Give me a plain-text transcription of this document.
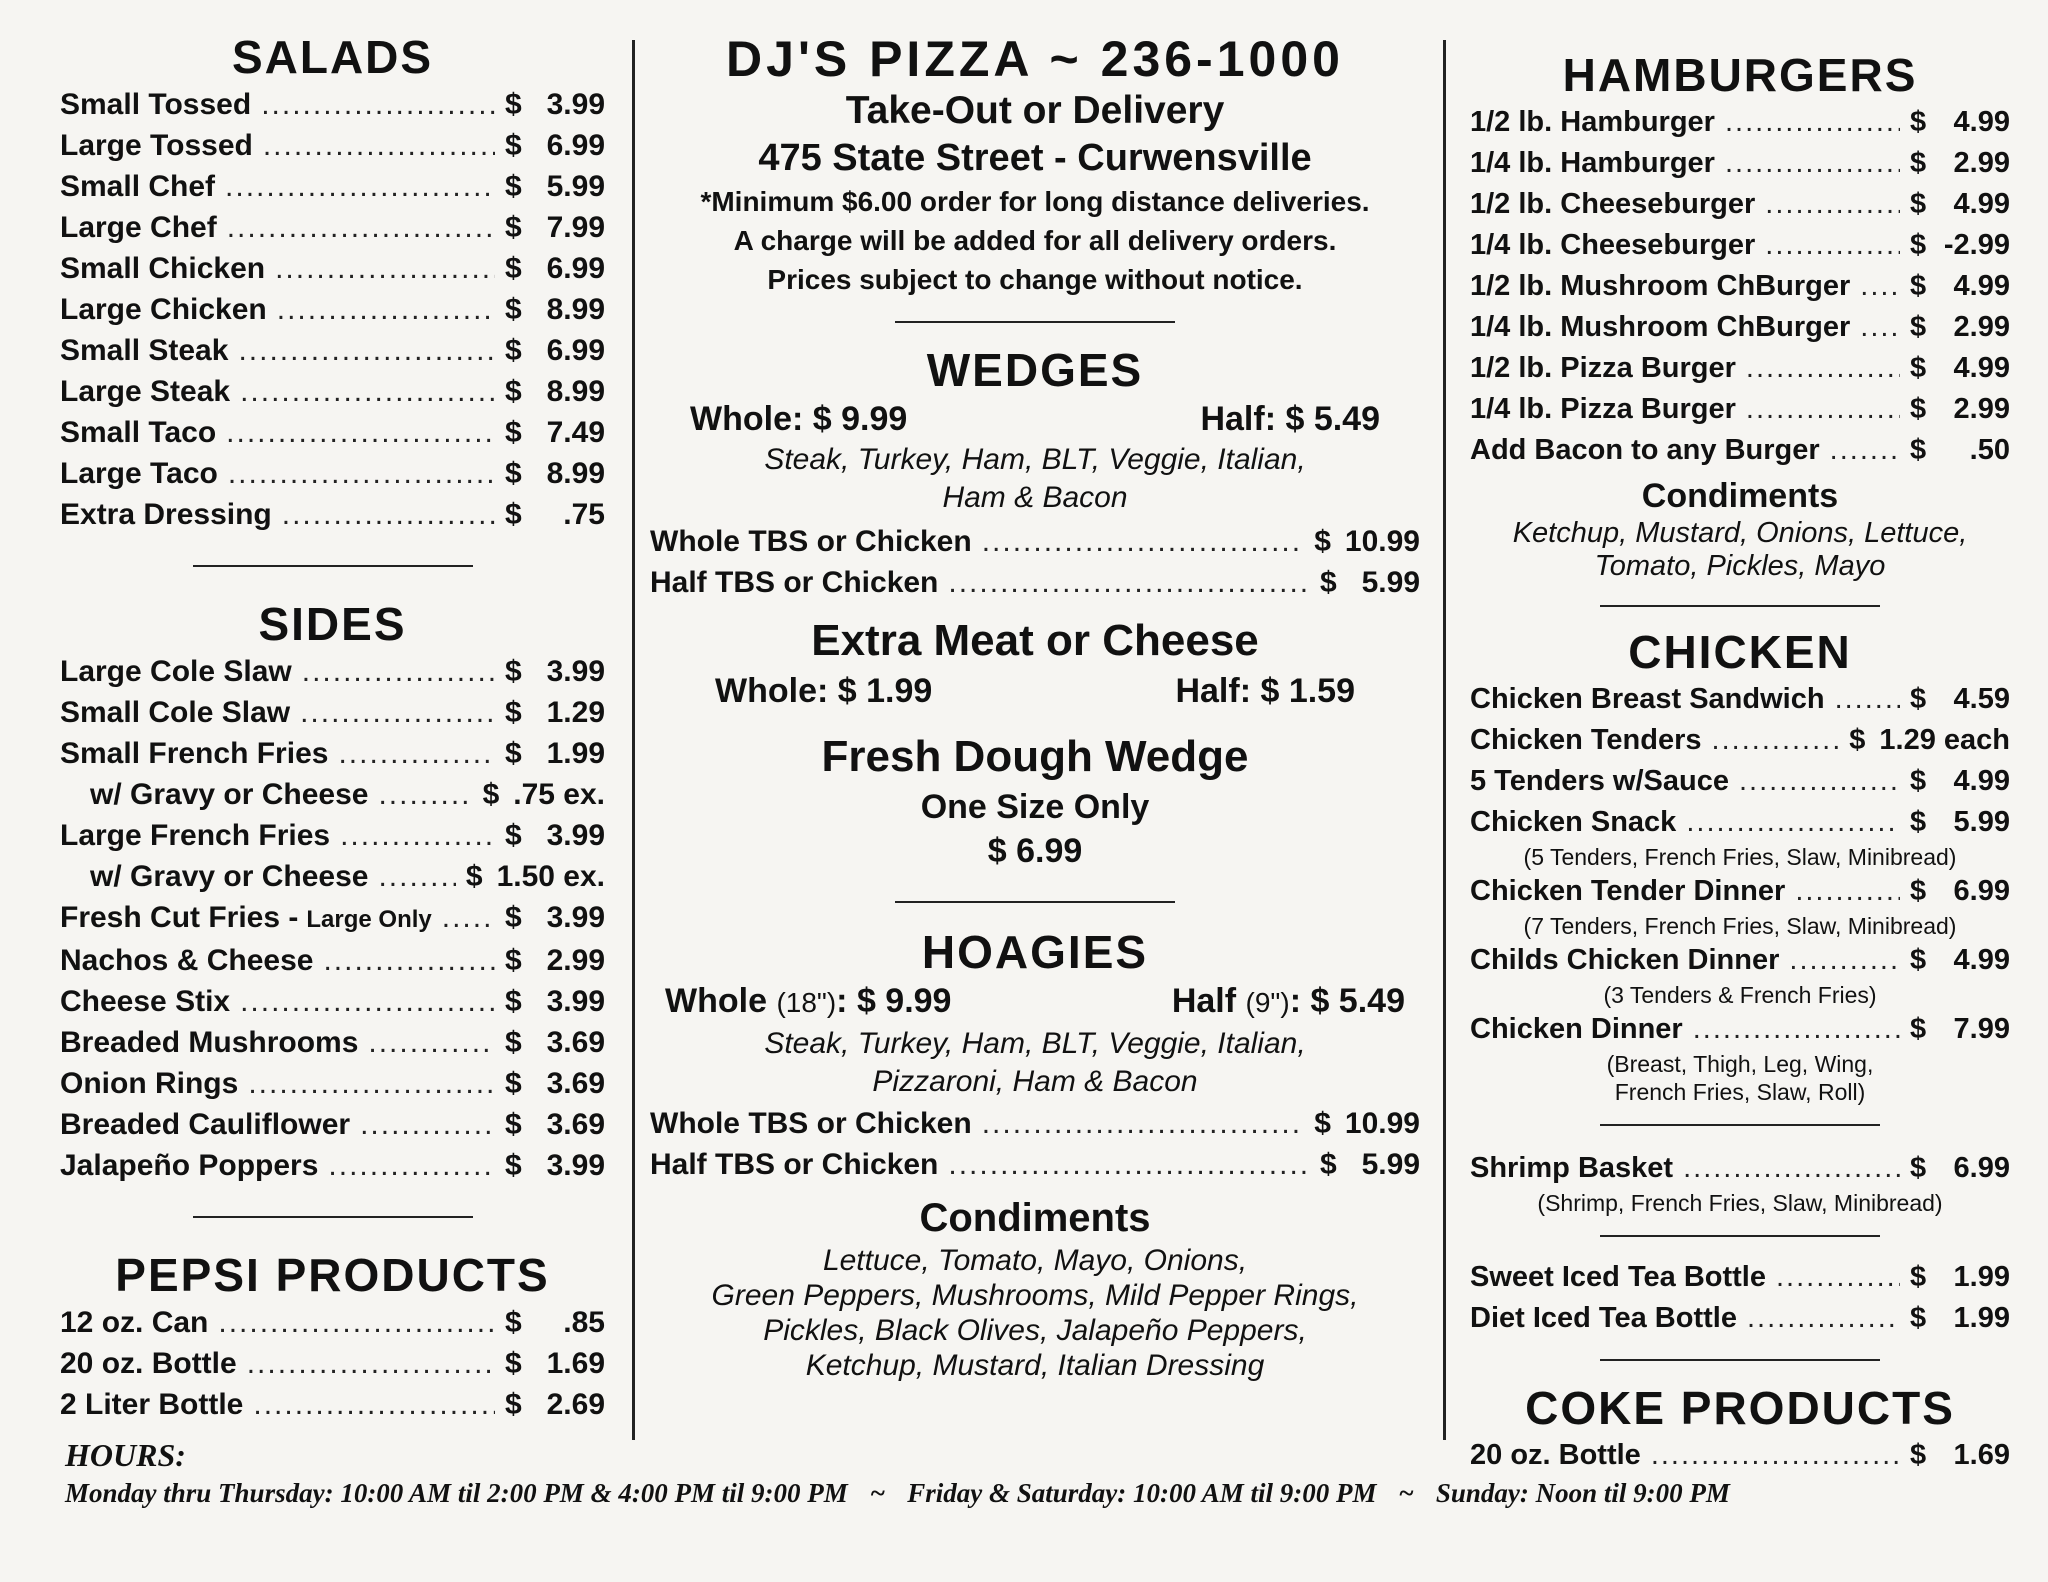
SALADS
Small Tossed .....	$ 3.99
Large Tossed .....	$ 6.99
Small Chef .....	$ 5.99
Large Chef .....	$ 7.99
Small Chicken .....	$ 6.99
Large Chicken .....	$ 8.99
Small Steak .....	$ 6.99
Large Steak .....	$ 8.99
Small Taco .....	$ 7.49
Large Taco .....	$ 8.99
Extra Dressing .....	$	.75
SIDES
Large Cole Slaw .....	$ 3.99
Small Cole Slaw .....	$ 1.29
Small French Fries .....	$ 1.99
w/ Gravy or Cheese .....	$ .75 ex.
Large French Fries .....	$ 3.99
w/ Gravy or Cheese .....	$ 1.50 ex.
Fresh Cut Fries - Large Only ..... $ 3.99
Nachos & Cheese .....	$ 2.99
Cheese Stix .....	$ 3.99
Breaded Mushrooms .....	$ 3.69
Onion Rings .....	$ 3.69
Breaded Cauliflower .....	$ 3.69
Jalapeño Poppers .....	$ 3.99
PEPSI PRODUCTS
12 oz. Can .....	$	.85
20 oz. Bottle .....	$ 1.69
2 Liter Bottle .....	$ 2.69
DJ'S PIZZA ~ 236-1000
Take-Out or Delivery
475 State Street - Curwensville
*Minimum $6.00 order for long distance deliveries.
A charge will be added for all delivery orders.
Prices subject to change without notice.
WEDGES
Whole: $ 9.99	Half: $ 5.49
Steak, Turkey, Ham, BLT, Veggie, Italian,
Ham & Bacon
Whole TBS or Chicken .....	$ 10.99
Half TBS or Chicken .....	$ 5.99
Extra Meat or Cheese
Whole: $ 1.99	Half: $ 1.59
Fresh Dough Wedge
One Size Only
$ 6.99
HOAGIES
Whole (18"): $ 9.99	Half (9"): $ 5.49
Steak, Turkey, Ham, BLT, Veggie, Italian,
Pizzaroni, Ham & Bacon
Whole TBS or Chicken .....	$ 10.99
Half TBS or Chicken .....	$ 5.99
Condiments
Lettuce, Tomato, Mayo, Onions,
Green Peppers, Mushrooms, Mild Pepper Rings,
Pickles, Black Olives, Jalapeño Peppers,
Ketchup, Mustard, Italian Dressing
HAMBURGERS
1/2 lb. Hamburger .....	$ 4.99
1/4 lb. Hamburger .....	$ 2.99
1/2 lb. Cheeseburger .....	$ 4.99
1/4 lb. Cheeseburger .....	$ -2.99
1/2 lb. Mushroom ChBurger ..... $ 4.99
1/4 lb. Mushroom ChBurger ..... $ 2.99
1/2 lb. Pizza Burger .....	$ 4.99
1/4 lb. Pizza Burger .....	$ 2.99
Add Bacon to any Burger .....	$	.50
Condiments
Ketchup, Mustard, Onions, Lettuce,
Tomato, Pickles, Mayo
CHICKEN
Chicken Breast Sandwich .....	$ 4.59
Chicken Tenders .....	$ 1.29 each
5 Tenders w/Sauce .....	$ 4.99
Chicken Snack .....	$ 5.99
(5 Tenders, French Fries, Slaw, Minibread)
Chicken Tender Dinner .....	$ 6.99
(7 Tenders, French Fries, Slaw, Minibread)
Childs Chicken Dinner .....	$ 4.99
(3 Tenders & French Fries)
Chicken Dinner .....	$ 7.99
(Breast, Thigh, Leg, Wing,
French Fries, Slaw, Roll)
Shrimp Basket .....	$ 6.99
(Shrimp, French Fries, Slaw, Minibread)
Sweet Iced Tea Bottle .....	$ 1.99
Diet Iced Tea Bottle .....	$ 1.99
COKE PRODUCTS
20 oz. Bottle .....	$ 1.69
HOURS:
Monday thru Thursday: 10:00 AM til 2:00 PM & 4:00 PM til 9:00 PM ~ Friday & Saturday: 10:00 AM til 9:00 PM ~ Sunday: Noon til 9:00 PM
